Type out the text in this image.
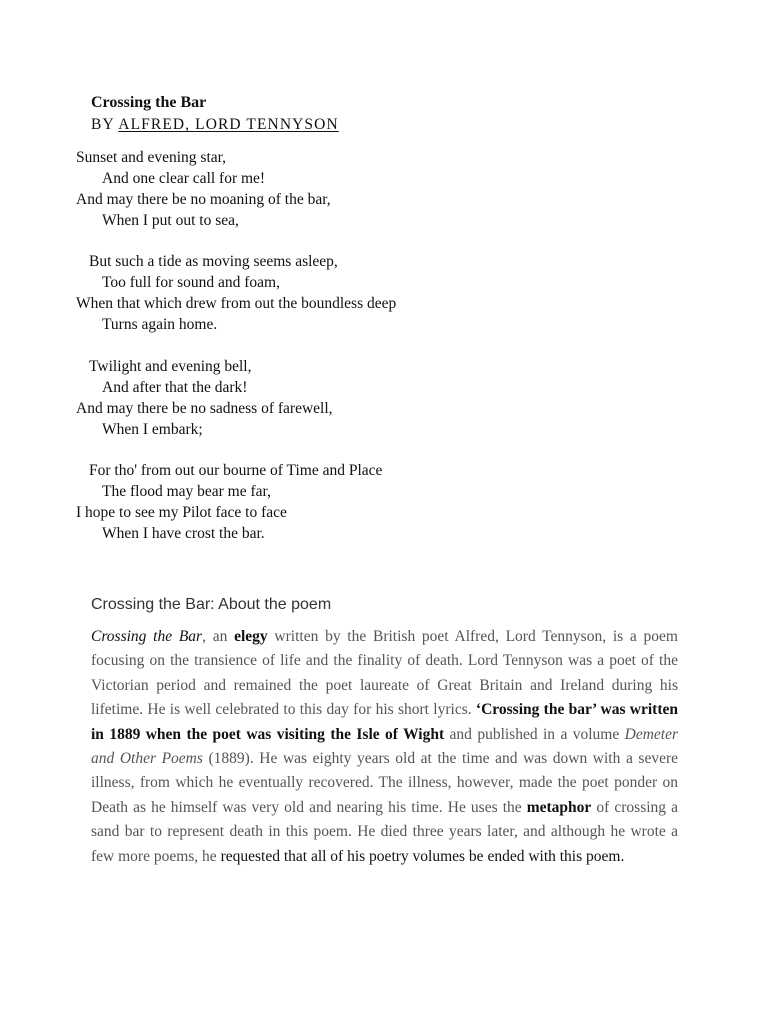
Crossing the Bar
BY ALFRED, LORD TENNYSON
Sunset and evening star,
And one clear call for me!
And may there be no moaning of the bar,
When I put out to sea,
But such a tide as moving seems asleep,
Too full for sound and foam,
When that which drew from out the boundless deep
Turns again home.
Twilight and evening bell,
And after that the dark!
And may there be no sadness of farewell,
When I embark;
For tho' from out our bourne of Time and Place
The flood may bear me far,
I hope to see my Pilot face to face
When I have crost the bar.
Crossing the Bar: About the poem

Crossing the Bar, an elegy written by the British poet Alfred, Lord Tennyson, is a poem focusing on the transience of life and the finality of death. Lord Tennyson was a poet of the Victorian period and remained the poet laureate of Great Britain and Ireland during his lifetime. He is well celebrated to this day for his short lyrics. ‘Crossing the bar’ was written in 1889 when the poet was visiting the Isle of Wight and published in a volume Demeter and Other Poems (1889). He was eighty years old at the time and was down with a severe illness, from which he eventually recovered. The illness, however, made the poet ponder on Death as he himself was very old and nearing his time. He uses the metaphor of crossing a sand bar to represent death in this poem. He died three years later, and although he wrote a few more poems, he requested that all of his poetry volumes be ended with this poem.
